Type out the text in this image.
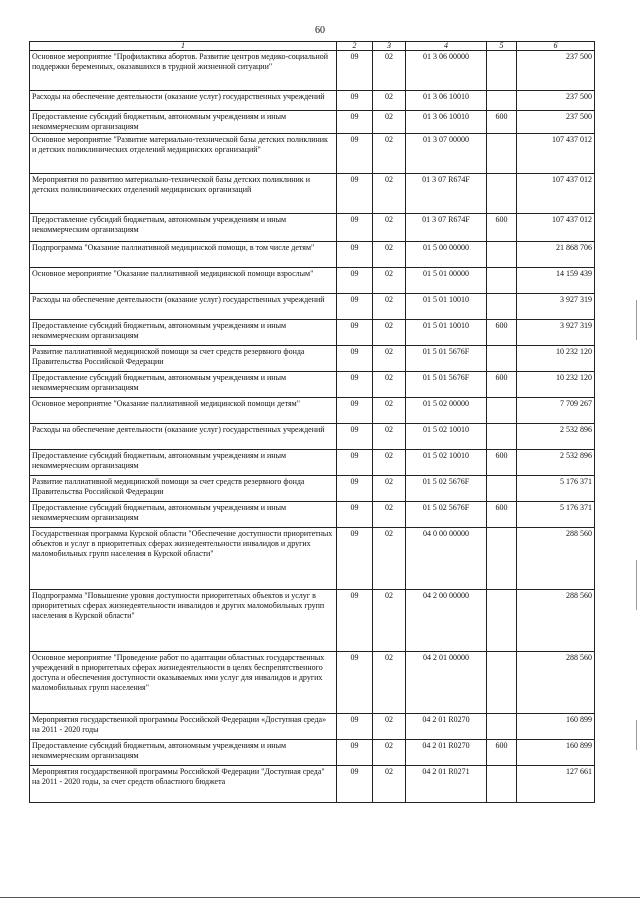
60
1	2	3	4	5	6
Основное мероприятие "Профилактика абортов. Развитие центров медико-социальной поддержки беременных, оказавшихся в трудной жизненной ситуации"	09	02	01 3 06 00000		237 500
Расходы на обеспечение деятельности (оказание услуг) государственных учреждений	09	02	01 3 06 10010		237 500
Предоставление субсидий бюджетным, автономным учреждениям и иным некоммерческим организациям	09	02	01 3 06 10010	600	237 500
Основное мероприятие "Развитие материально-технической базы детских поликлиник и детских поликлинических отделений медицинских организаций"	09	02	01 3 07 00000		107 437 012
Мероприятия по развитию материально-технической базы детских поликлиник и детских поликлинических отделений медицинских организаций	09	02	01 3 07 R674F		107 437 012
Предоставление субсидий бюджетным, автономным учреждениям и иным некоммерческим организациям	09	02	01 3 07 R674F	600	107 437 012
Подпрограмма "Оказание паллиативной медицинской помощи, в том числе детям"	09	02	01 5 00 00000		21 868 706
Основное мероприятие "Оказание паллиативной медицинской помощи взрослым"	09	02	01 5 01 00000		14 159 439
Расходы на обеспечение деятельности (оказание услуг) государственных учреждений	09	02	01 5 01 10010		3 927 319
Предоставление субсидий бюджетным, автономным учреждениям и иным некоммерческим организациям	09	02	01 5 01 10010	600	3 927 319
Развитие паллиативной медицинской помощи за счет средств резервного фонда Правительства Российской Федерации	09	02	01 5 01 5676F		10 232 120
Предоставление субсидий бюджетным, автономным учреждениям и иным некоммерческим организациям	09	02	01 5 01 5676F	600	10 232 120
Основное мероприятие "Оказание паллиативной медицинской помощи детям"	09	02	01 5 02 00000		7 709 267
Расходы на обеспечение деятельности (оказание услуг) государственных учреждений	09	02	01 5 02 10010		2 532 896
Предоставление субсидий бюджетным, автономным учреждениям и иным некоммерческим организациям	09	02	01 5 02 10010	600	2 532 896
Развитие паллиативной медицинской помощи за счет средств резервного фонда Правительства Российской Федерации	09	02	01 5 02 5676F		5 176 371
Предоставление субсидий бюджетным, автономным учреждениям и иным некоммерческим организациям	09	02	01 5 02 5676F	600	5 176 371
Государственная программа Курской области "Обеспечение доступности приоритетных объектов и услуг в приоритетных сферах жизнедеятельности инвалидов и других маломобильных групп населения в Курской области"	09	02	04 0 00 00000		288 560
Подпрограмма "Повышение уровня доступности приоритетных объектов и услуг в приоритетных сферах жизнедеятельности инвалидов и других маломобильных групп населения в Курской области"	09	02	04 2 00 00000		288 560
Основное мероприятие "Проведение работ по адаптации областных государственных учреждений в приоритетных сферах жизнедеятельности в целях беспрепятственного доступа и обеспечения доступности оказываемых ими услуг для инвалидов и других маломобильных групп населения"	09	02	04 2 01 00000		288 560
Мероприятия государственной программы Российской Федерации «Доступная среда» на 2011 - 2020 годы	09	02	04 2 01 R0270		160 899
Предоставление субсидий бюджетным, автономным учреждениям и иным некоммерческим организациям	09	02	04 2 01 R0270	600	160 899
Мероприятия государственной программы Российской Федерации "Доступная среда" на 2011 - 2020 годы, за счет средств областного бюджета	09	02	04 2 01 R0271		127 661
